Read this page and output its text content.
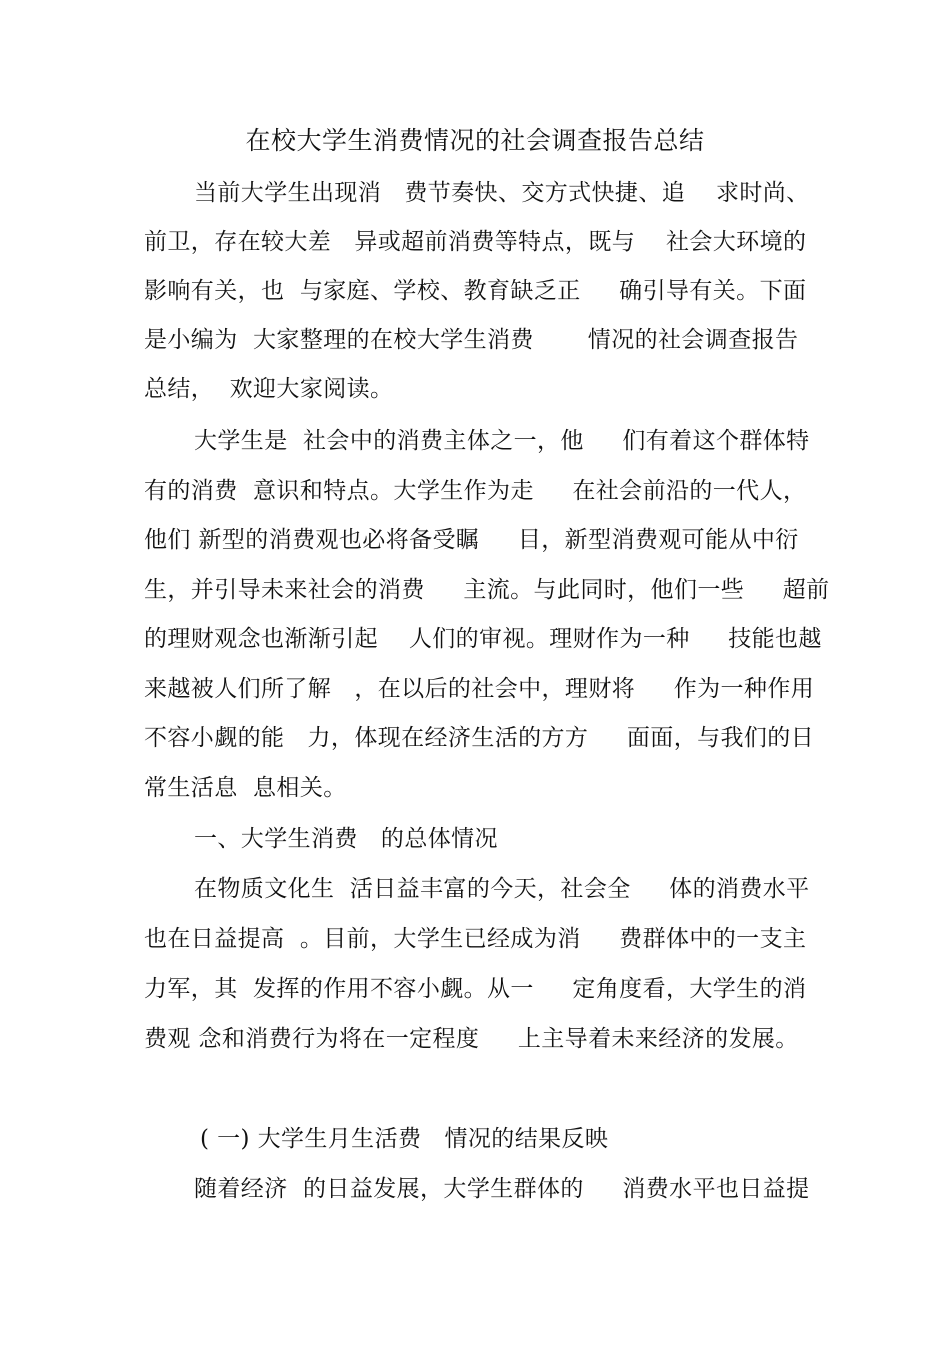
在校大学生消费情况的社会调查报告总结
当前大学生出现消   费节奏快、交方式快捷、追    求时尚、
前卫，存在较大差   异或超前消费等特点，既与    社会大环境的
影响有关，也  与家庭、学校、教育缺乏正     确引导有关。下面
是小编为  大家整理的在校大学生消费       情况的社会调查报告
总结，  欢迎大家阅读。
大学生是  社会中的消费主体之一，他     们有着这个群体特
有的消费  意识和特点。大学生作为走     在社会前沿的一代人，
他们 新型的消费观也必将备受瞩     目，新型消费观可能从中衍
生，并引导未来社会的消费     主流。与此同时，他们一些     超前
的理财观念也渐渐引起    人们的审视。理财作为一种     技能也越
来越被人们所了解   ，在以后的社会中，理财将     作为一种作用
不容小觑的能   力，体现在经济生活的方方     面面，与我们的日
常生活息  息相关。
一、大学生消费   的总体情况
在物质文化生  活日益丰富的今天，社会全     体的消费水平
也在日益提高  。目前，大学生已经成为消     费群体中的一支主
力军，其  发挥的作用不容小觑。从一     定角度看，大学生的消
费观 念和消费行为将在一定程度     上主导着未来经济的发展。
( 一) 大学生月生活费   情况的结果反映
随着经济  的日益发展，大学生群体的     消费水平也日益提
